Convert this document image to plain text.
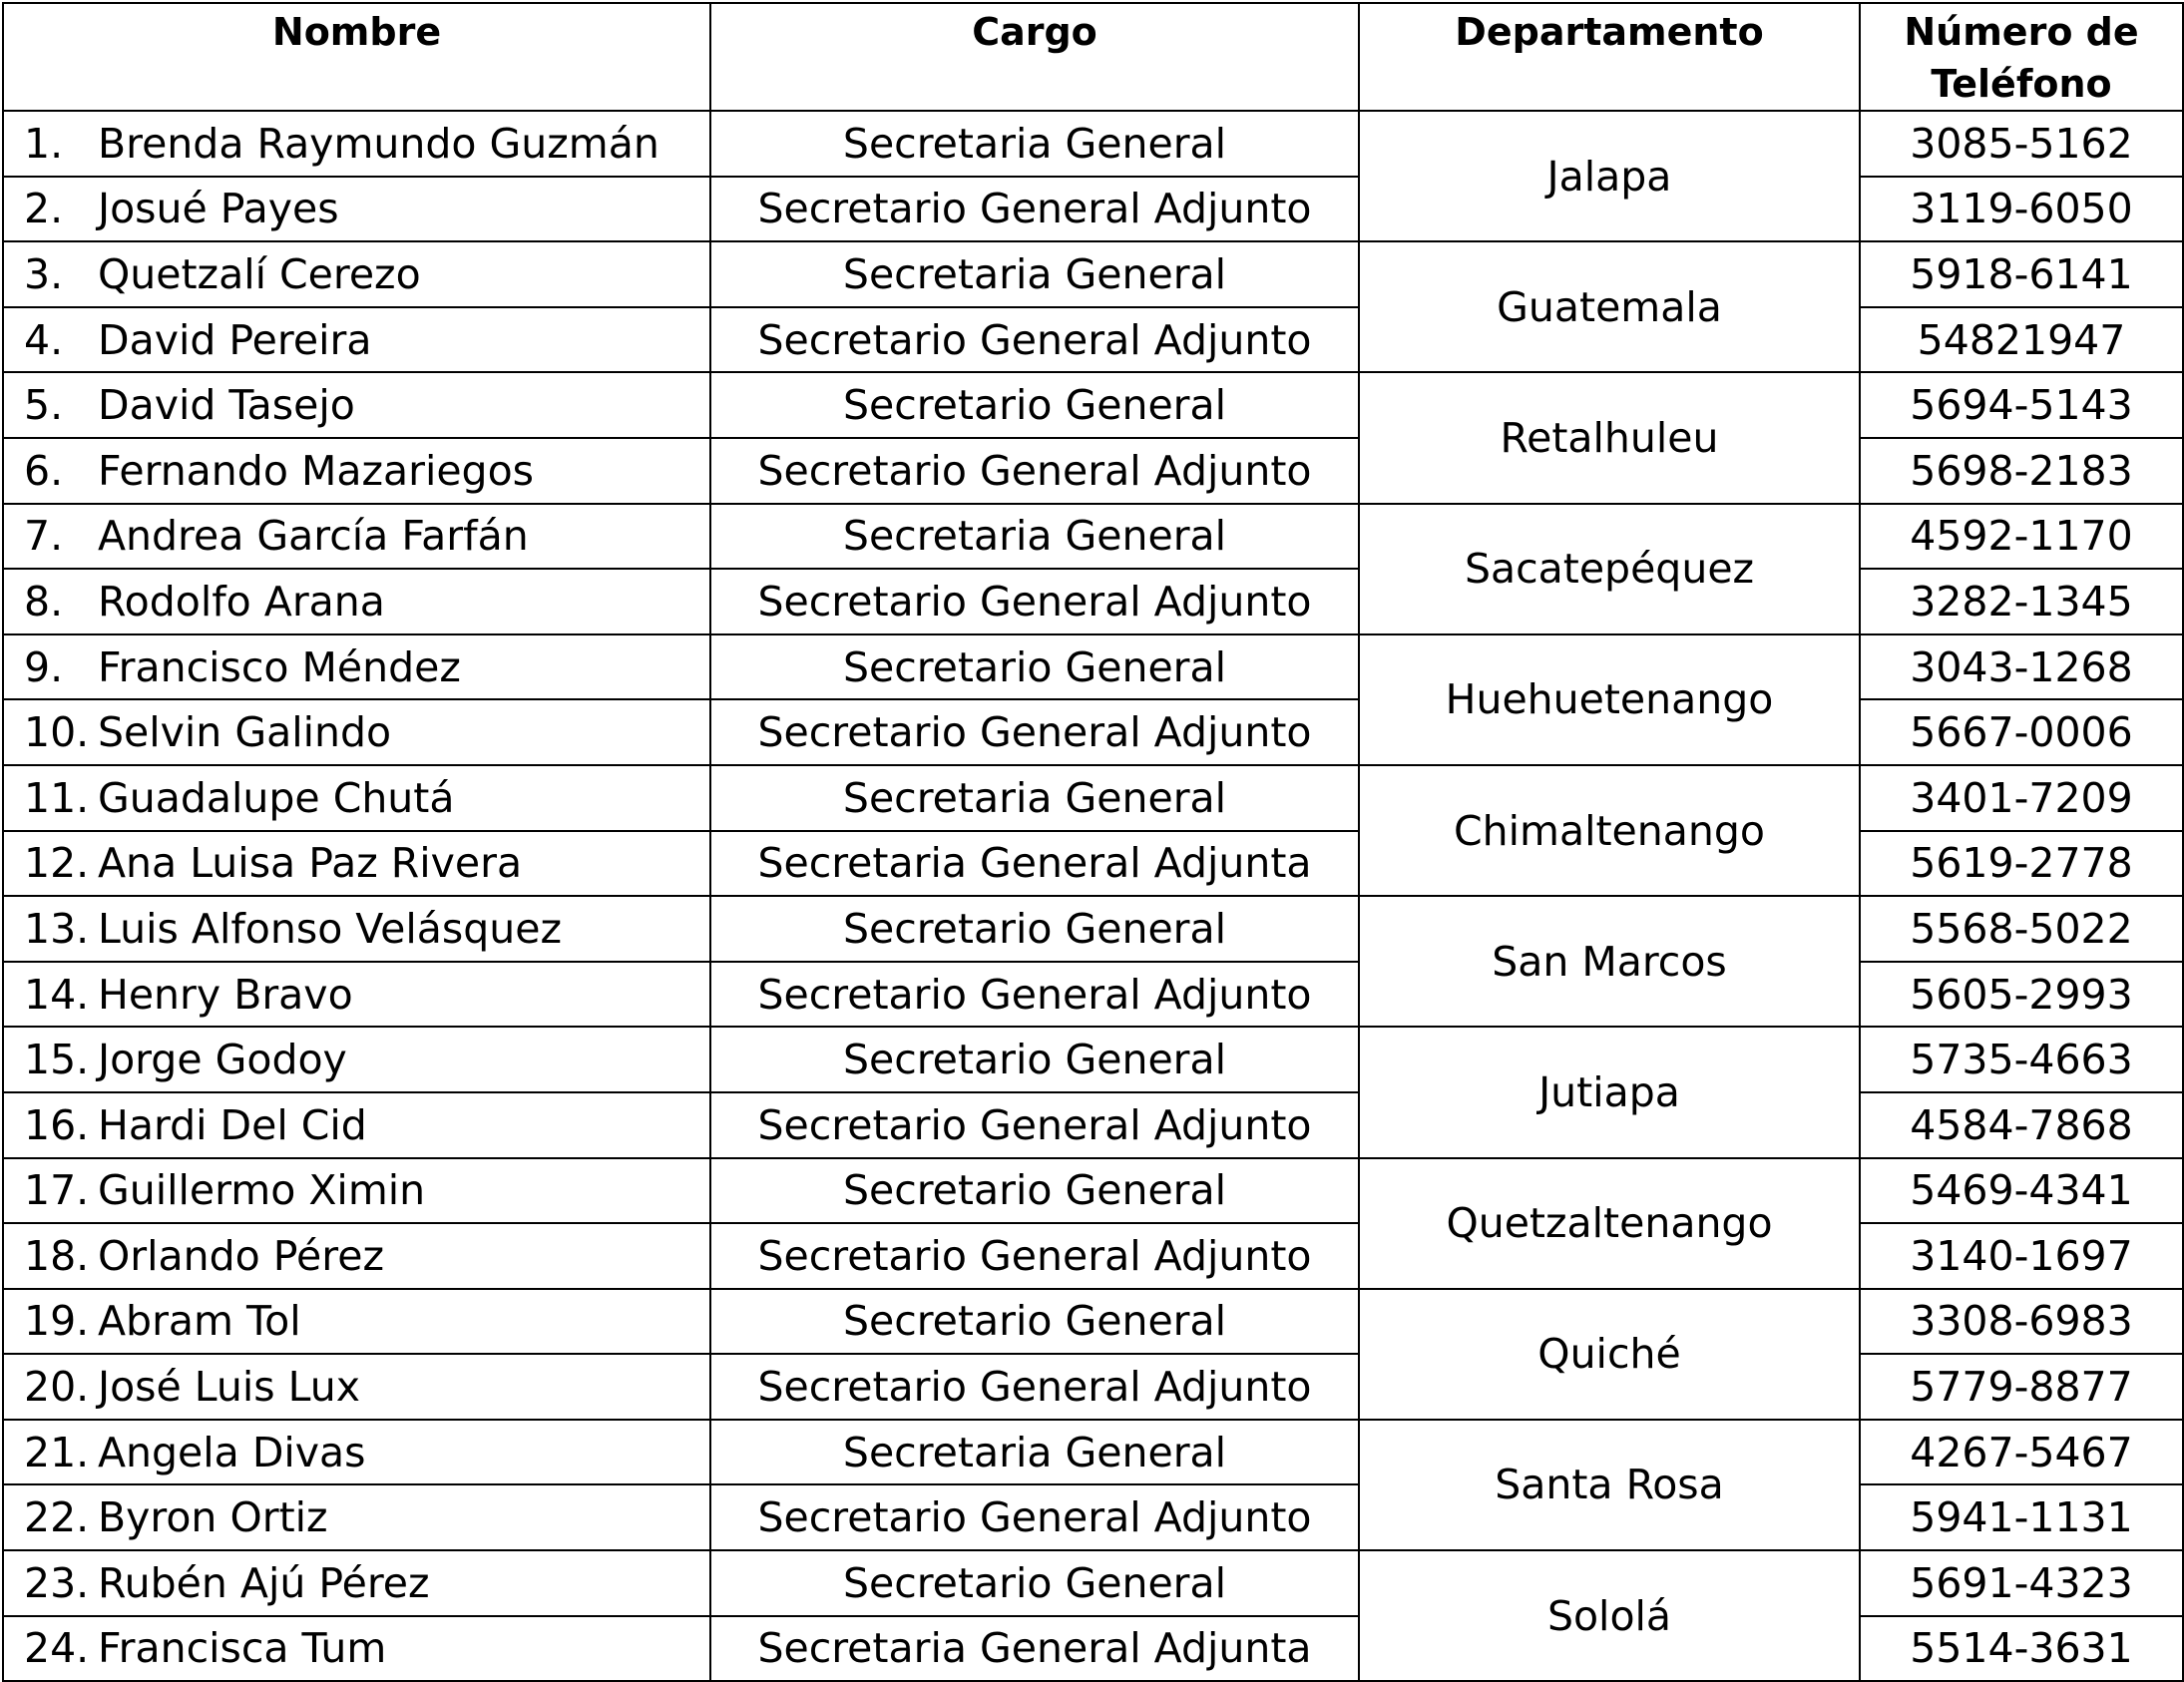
Nombre	Cargo	Departamento	Número de Teléfono
1. Brenda Raymundo Guzmán	Secretaria General	Jalapa	3085-5162
2. Josué Payes	Secretario General Adjunto		3119-6050
3. Quetzalí Cerezo	Secretaria General	Guatemala	5918-6141
4. David Pereira	Secretario General Adjunto		54821947
5. David Tasejo	Secretario General	Retalhuleu	5694-5143
6. Fernando Mazariegos	Secretario General Adjunto		5698-2183
7. Andrea García Farfán	Secretaria General	Sacatepéquez	4592-1170
8. Rodolfo Arana	Secretario General Adjunto		3282-1345
9. Francisco Méndez	Secretario General	Huehuetenango	3043-1268
10. Selvin Galindo	Secretario General Adjunto		5667-0006
11. Guadalupe Chutá	Secretaria General	Chimaltenango	3401-7209
12. Ana Luisa Paz Rivera	Secretaria General Adjunta		5619-2778
13. Luis Alfonso Velásquez	Secretario General	San Marcos	5568-5022
14. Henry Bravo	Secretario General Adjunto		5605-2993
15. Jorge Godoy	Secretario General	Jutiapa	5735-4663
16. Hardi Del Cid	Secretario General Adjunto		4584-7868
17. Guillermo Ximin	Secretario General	Quetzaltenango	5469-4341
18. Orlando Pérez	Secretario General Adjunto		3140-1697
19. Abram Tol	Secretario General	Quiché	3308-6983
20. José Luis Lux	Secretario General Adjunto		5779-8877
21. Angela Divas	Secretaria General	Santa Rosa	4267-5467
22. Byron Ortiz	Secretario General Adjunto		5941-1131
23. Rubén Ajú Pérez	Secretario General	Sololá	5691-4323
24. Francisca Tum	Secretaria General Adjunta		5514-3631
